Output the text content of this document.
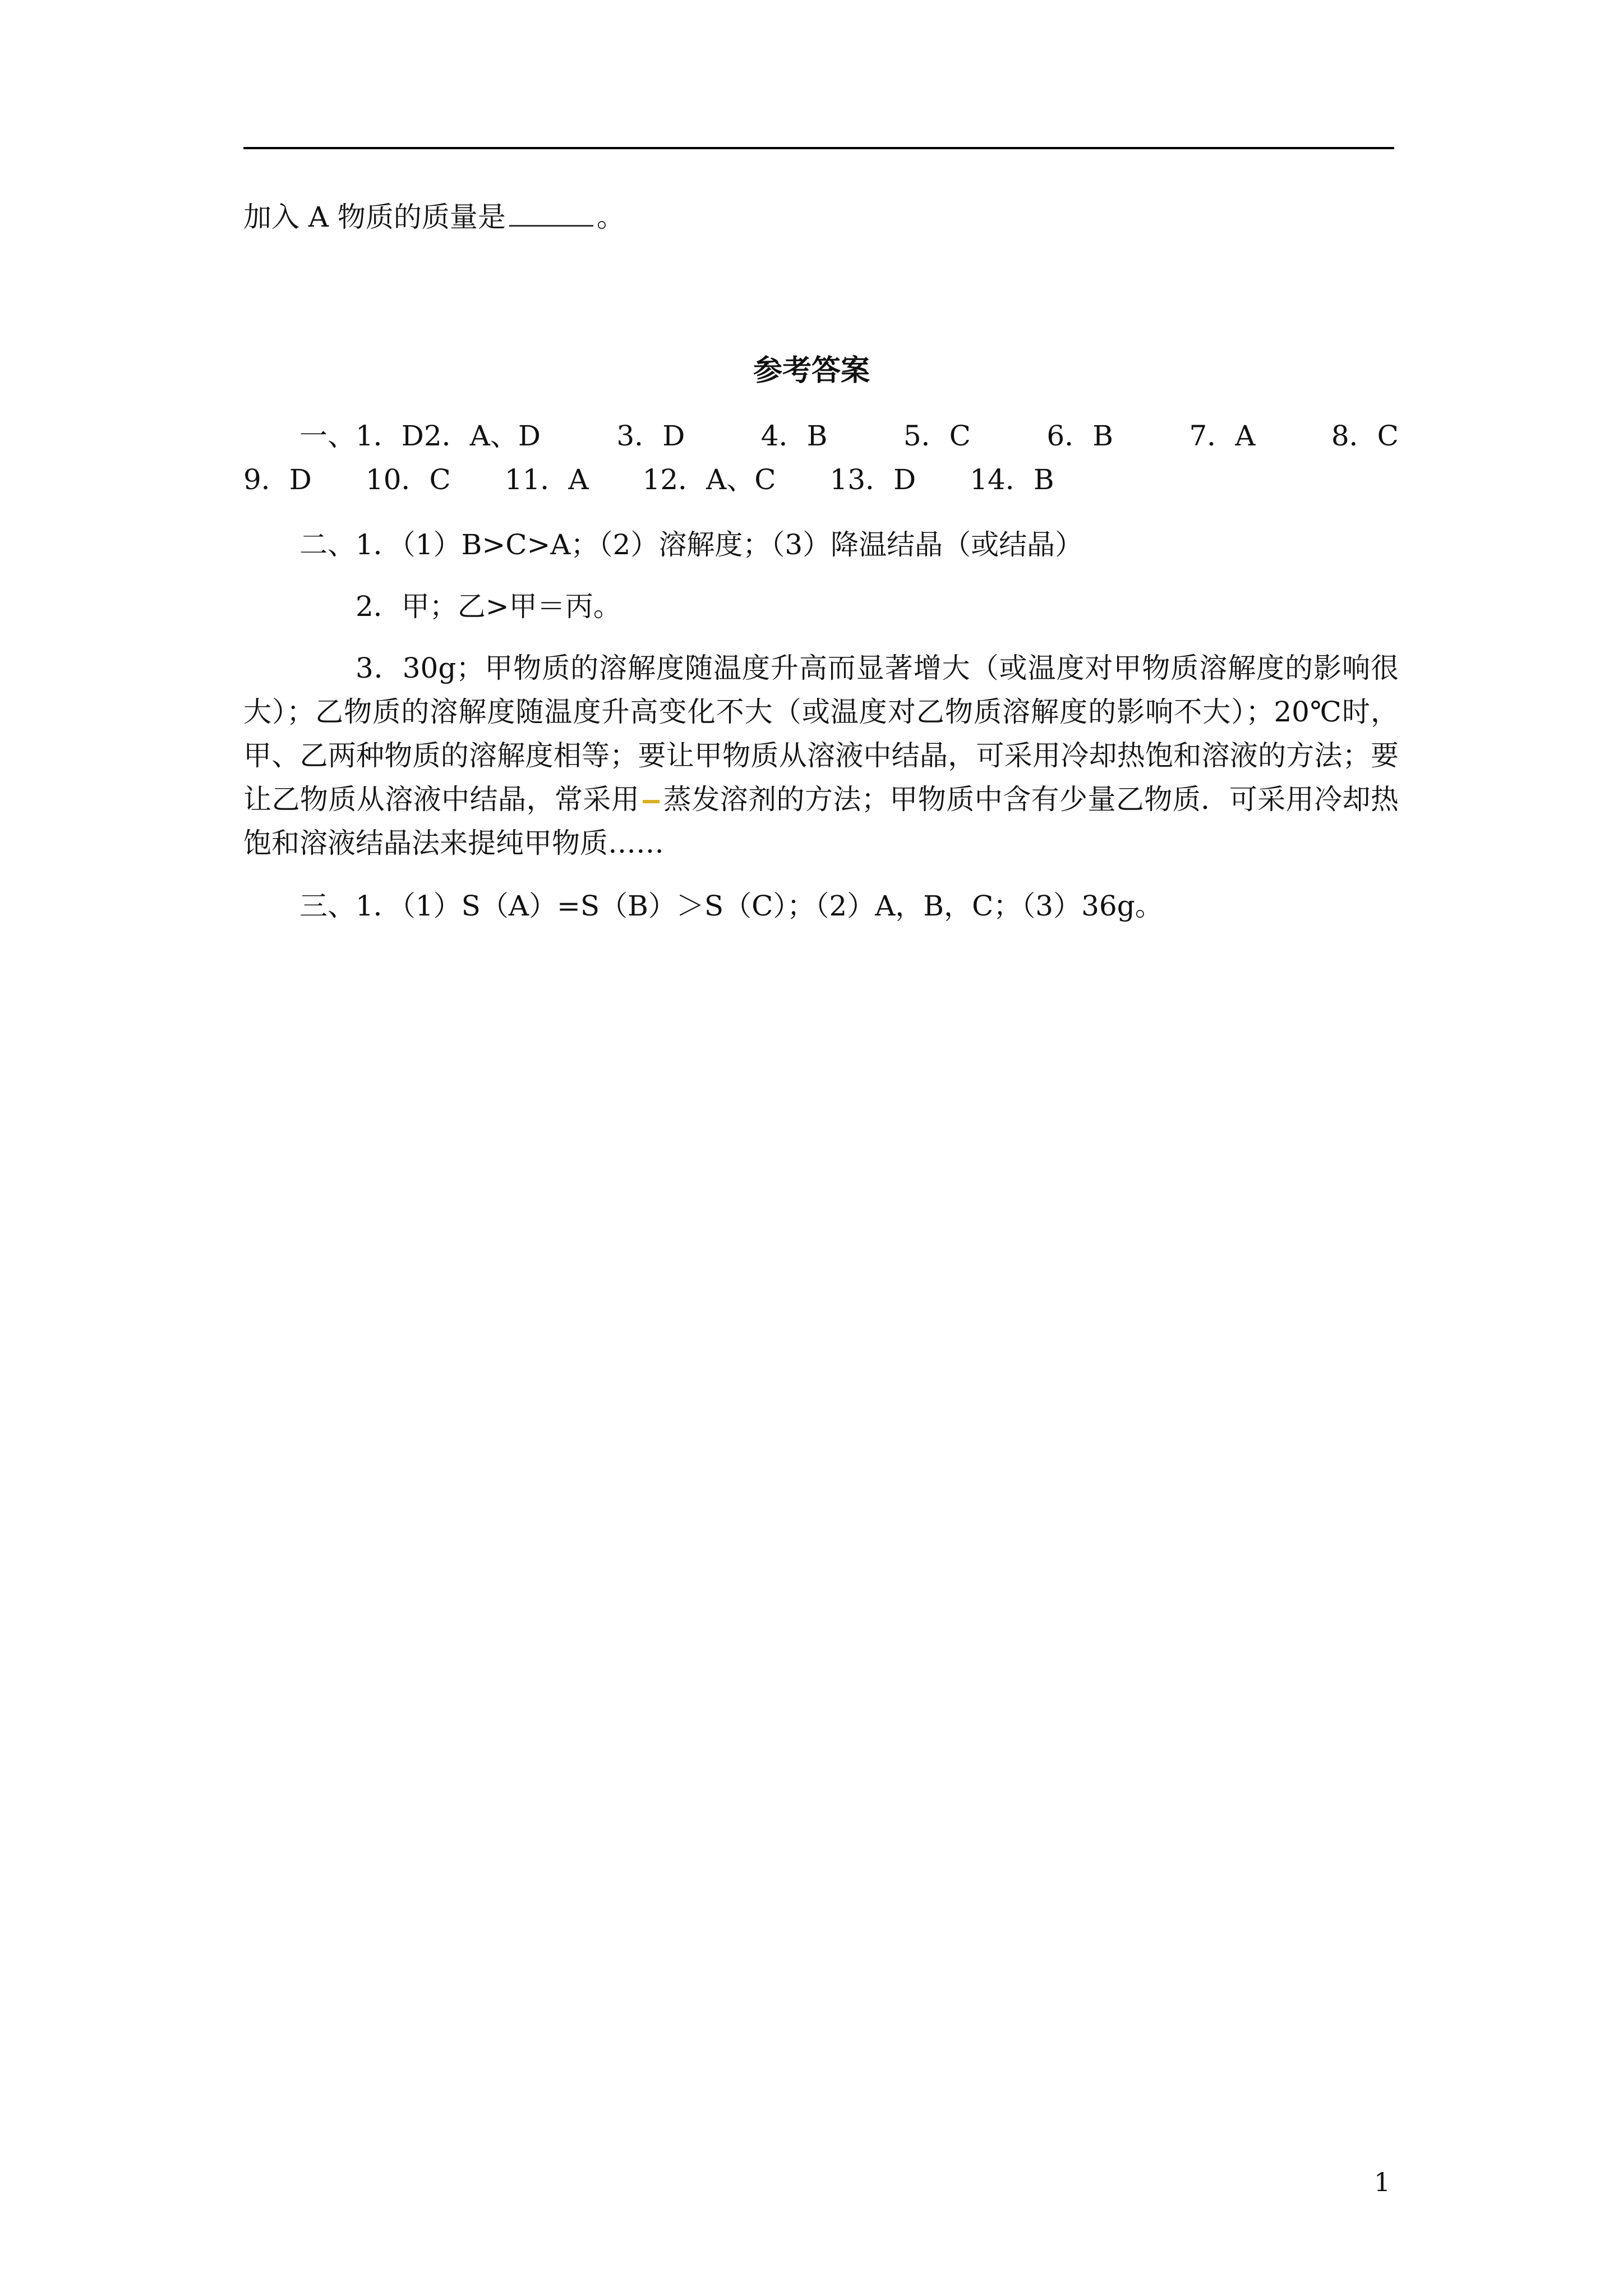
加入 A 物质的质量是	。
参考答案
一、1．D2．A、D	3．D	4．B	5．C	6．B	7．A	8．C
9．D 10．C 11．A 12．A、C 13．D 14．B
二、1．（1）B>C>A；（2）溶解度；（3）降温结晶（或结晶）
2．甲；乙>甲＝丙。
3．30g；甲物质的溶解度随温度升高而显著增大（或温度对甲物质溶解度的影响很大）；乙物质的溶解度随温度升高变化不大（或温度对乙物质溶解度的影响不大）；20℃时，甲、乙两种物质的溶解度相等；要让甲物质从溶液中结晶，可采用冷却热饱和溶液的方法；要让乙物质从溶液中结晶，常采用 蒸发溶剂的方法；甲物质中含有少量乙物质．可采用冷却热饱和溶液结晶法来提纯甲物质……
三、1．（1）S（A）=S（B）＞S（C）；（2）A，B，C；（3）36g。
1
